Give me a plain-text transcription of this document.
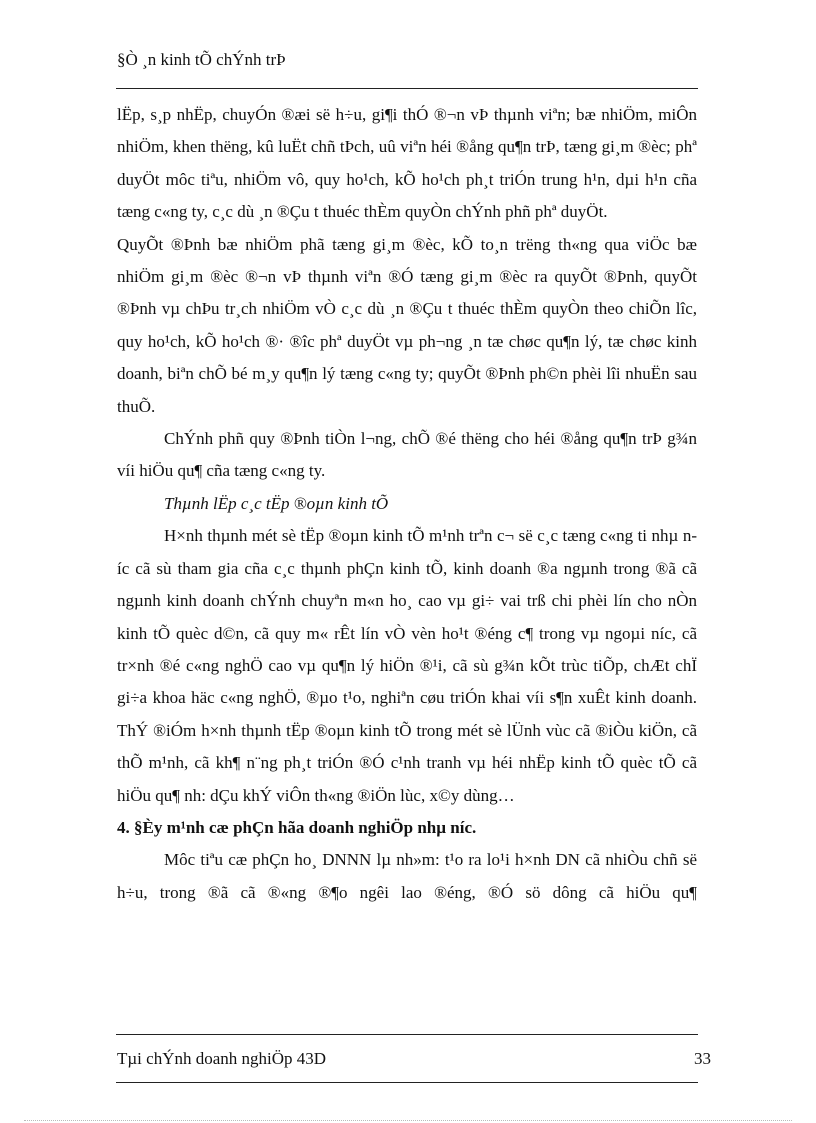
§Ò ¸n kinh tÕ chÝnh trÞ

lËp, s¸p nhËp, chuyÓn ®æi së h÷u, gi¶i thÓ ®¬n vÞ thµnh viªn; bæ nhiÖm, miÔn nhiÖm, khen thëng, kû luËt chñ tÞch, uû viªn héi ®ång qu¶n trÞ, tæng gi¸m ®èc; phª duyÖt môc tiªu, nhiÖm vô, quy ho¹ch, kÕ ho¹ch ph¸t triÓn trung h¹n, dµi h¹n cña tæng c«ng ty, c¸c dù ¸n ®Çu t thuéc thÈm quyÒn chÝnh phñ phª duyÖt.

QuyÕt ®Þnh bæ nhiÖm phã tæng gi¸m ®èc, kÕ to¸n trëng th«ng qua viÖc bæ nhiÖm gi¸m ®èc ®¬n vÞ thµnh viªn ®Ó tæng gi¸m ®èc ra quyÕt ®Þnh, quyÕt ®Þnh vµ chÞu tr¸ch nhiÖm vÒ c¸c dù ¸n ®Çu t thuéc thÈm quyÒn theo chiÕn lîc, quy ho¹ch, kÕ ho¹ch ®· ®îc phª duyÖt vµ ph¬ng ¸n tæ chøc qu¶n lý, tæ chøc kinh doanh, biªn chÕ bé m¸y qu¶n lý tæng c«ng ty; quyÕt ®Þnh ph©n phèi lîi nhuËn sau thuÕ.

ChÝnh phñ quy ®Þnh tiÒn l¬ng, chÕ ®é thëng cho héi ®ång qu¶n trÞ g¾n víi hiÖu qu¶ cña tæng c«ng ty.

Thµnh lËp c¸c tËp ®oµn kinh tÕ

H×nh thµnh mét sè tËp ®oµn kinh tÕ m¹nh trªn c¬ së c¸c tæng c«ng ti nhµ níc cã sù tham gia cña c¸c thµnh phÇn kinh tÕ, kinh doanh ®a ngµnh trong ®ã cã ngµnh kinh doanh chÝnh chuyªn m«n ho¸ cao vµ gi÷ vai trß chi phèi lín cho nÒn kinh tÕ quèc d©n, cã quy m« rÊt lín vÒ vèn ho¹t ®éng c¶ trong vµ ngoµi níc, cã tr×nh ®é c«ng nghÖ cao vµ qu¶n lý hiÖn ®¹i, cã sù g¾n kÕt trùc tiÕp, chÆt chÏ gi÷a khoa häc c«ng nghÖ, ®µo t¹o, nghiªn cøu triÓn khai víi s¶n xuÊt kinh doanh. ThÝ ®iÓm h×nh thµnh tËp ®oµn kinh tÕ trong mét sè lÜnh vùc cã ®iÒu kiÖn, cã thÕ m¹nh, cã kh¶ n¨ng ph¸t triÓn ®Ó c¹nh tranh vµ héi nhËp kinh tÕ quèc tÕ cã hiÖu qu¶ nh: dÇu khÝ viÔn th«ng ®iÖn lùc, x©y dùng…

4. §Èy m¹nh cæ phÇn hãa doanh nghiÖp nhµ níc.

Môc tiªu cæ phÇn ho¸ DNNN lµ nh»m: t¹o ra lo¹i h×nh DN cã nhiÒu chñ së h÷u, trong ®ã cã ®«ng ®¶o ngêi lao ®éng, ®Ó sö dông cã hiÖu qu¶

Tµi chÝnh doanh nghiÖp 43D	33
